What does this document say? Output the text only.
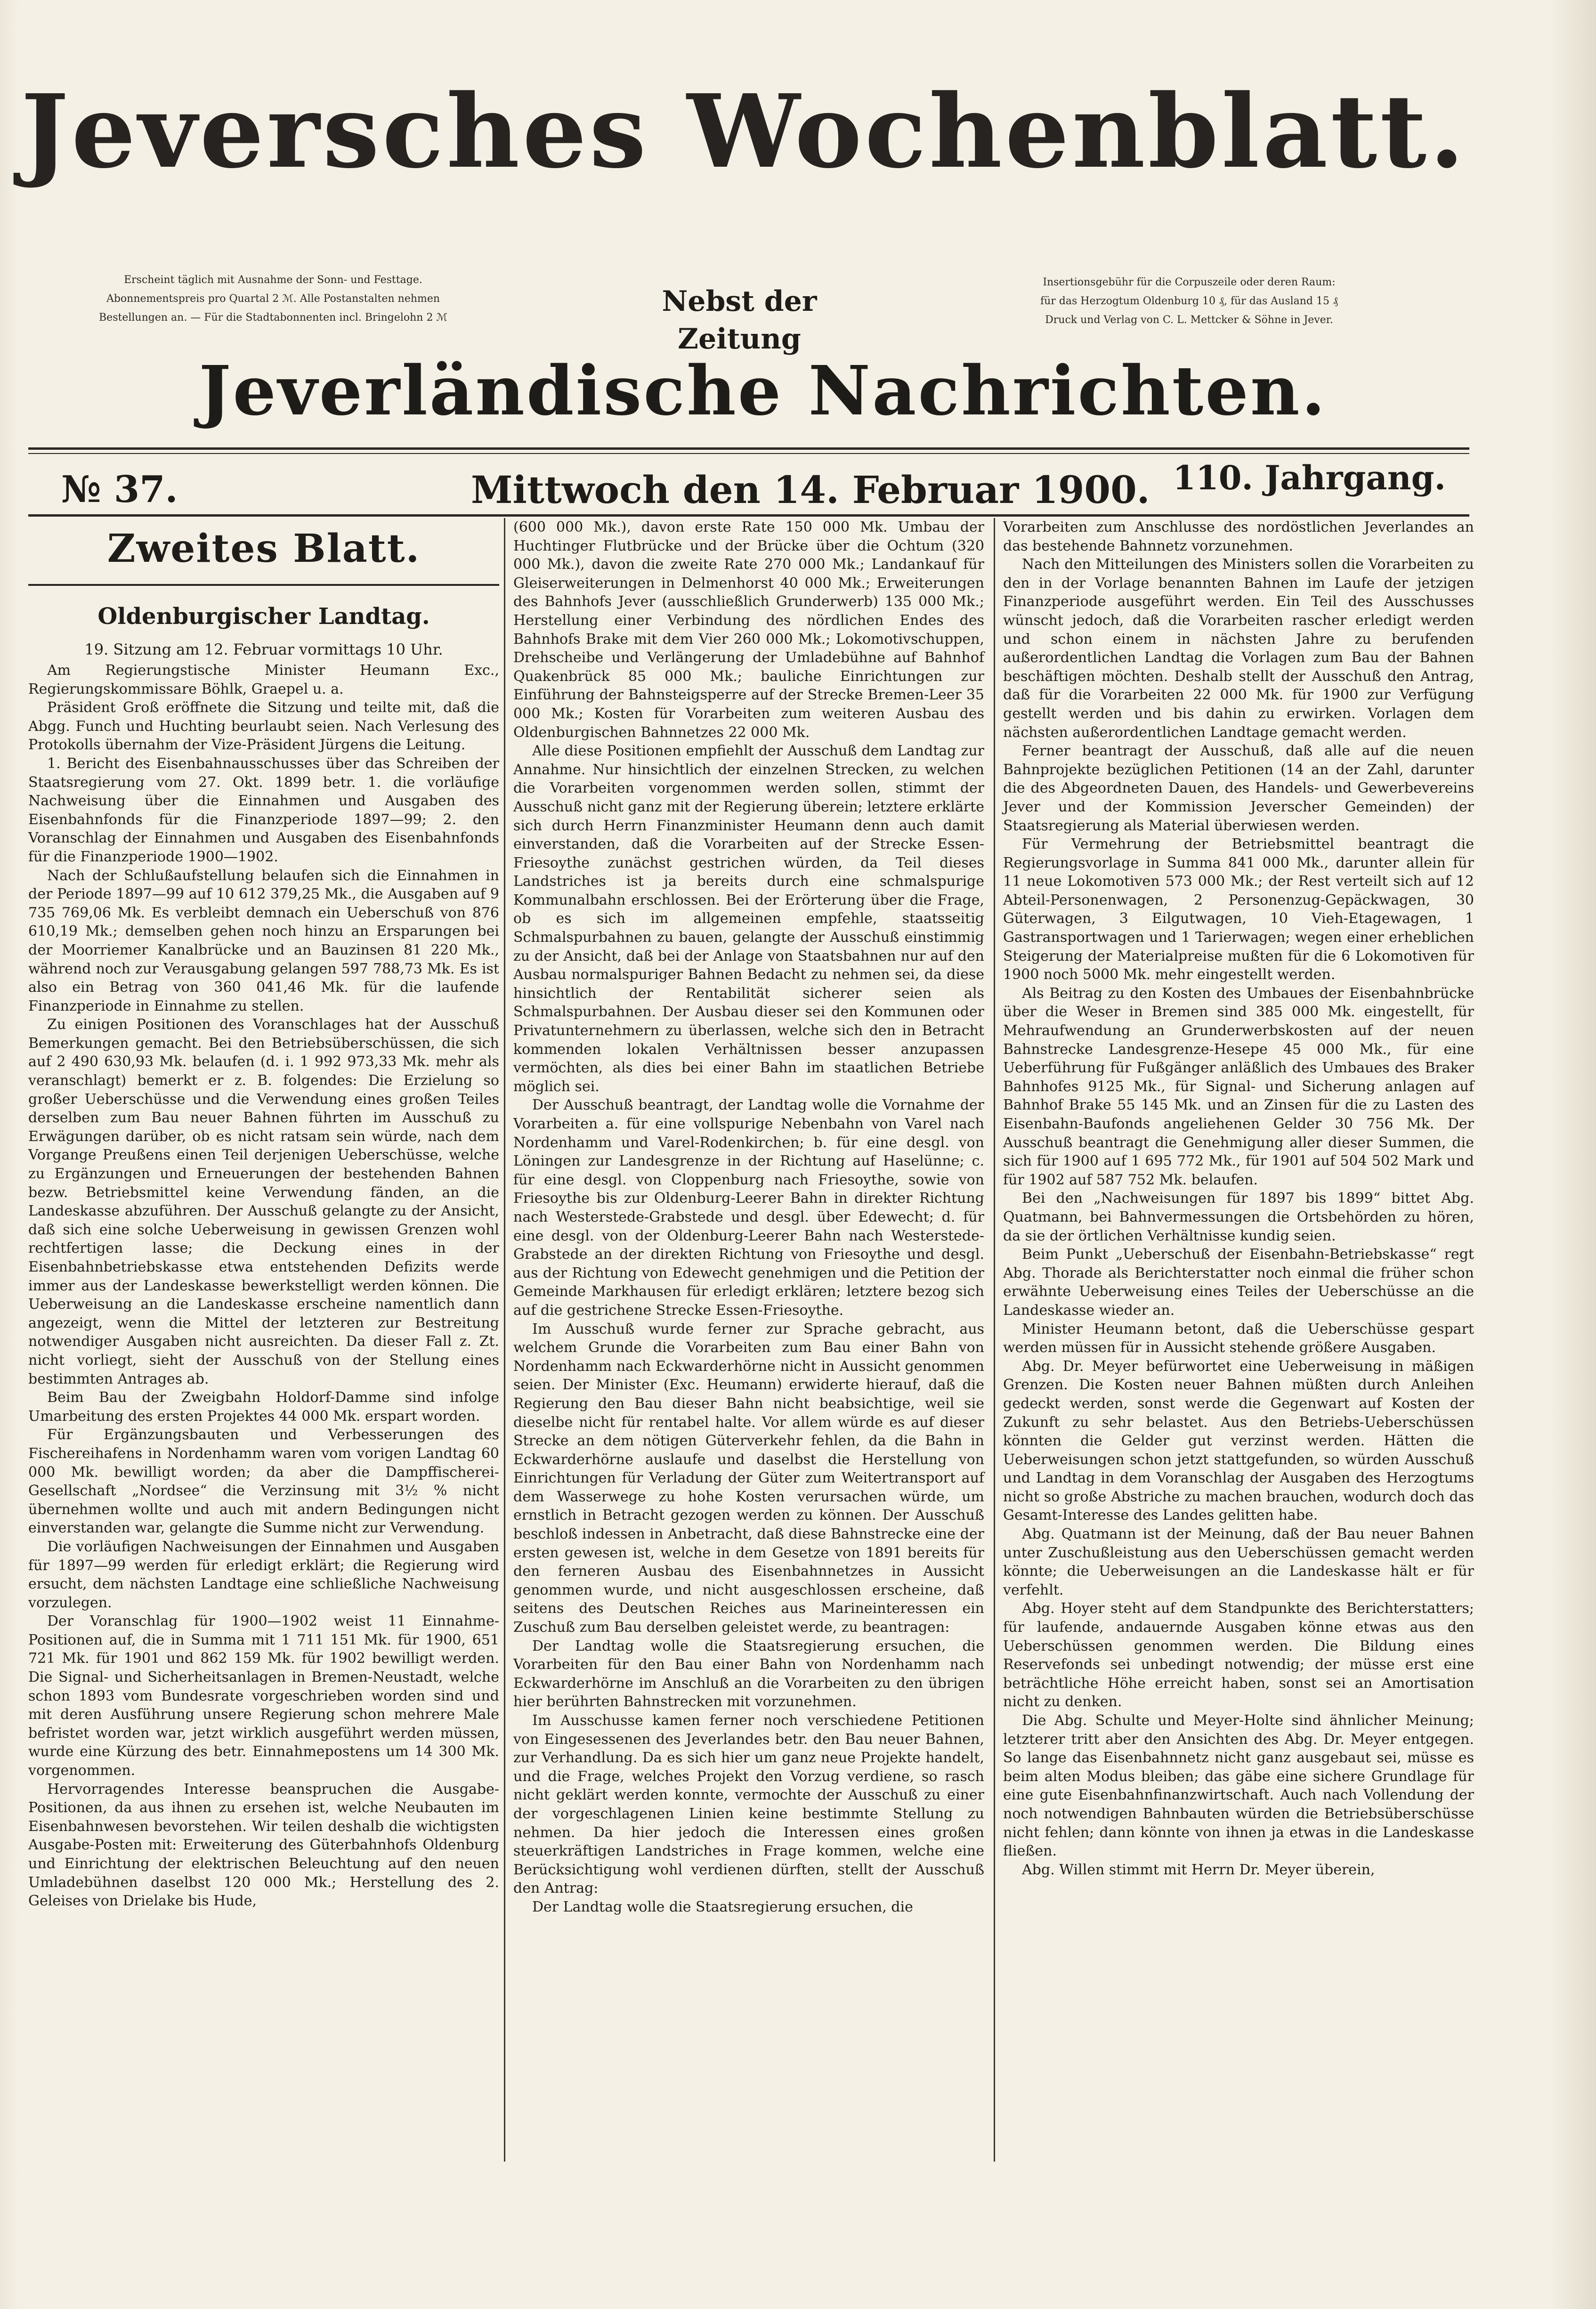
Jeversches Wochenblatt.
Erscheint täglich mit Ausnahme der Sonn- und Festtage.
Abonnementspreis pro Quartal 2 ℳ. Alle Postanstalten nehmen
Bestellungen an. — Für die Stadtabonnenten incl. Bringelohn 2 ℳ	Nebst der Zeitung
Insertionsgebühr für die Corpuszeile oder deren Raum:
für das Herzogtum Oldenburg 10 ₰, für das Ausland 15 ₰
Druck und Verlag von C. L. Mettcker & Söhne in Jever.
Jeverländische Nachrichten.
№ 37.	Mittwoch den 14. Februar 1900. 110. Jahrgang.
Zweites Blatt.
Oldenburgischer Landtag.

19. Sitzung am 12. Februar vormittags 10 Uhr.

Am Regierungstische Minister Heumann Exc., Regierungskommissare Böhlk, Graepel u. a.

Präsident Groß eröffnete die Sitzung und teilte mit, daß die Abgg. Funch und Huchting beurlaubt seien. Nach Verlesung des Protokolls übernahm der Vize-Präsident Jürgens die Leitung.

1. Bericht des Eisenbahnausschusses über das Schreiben der Staatsregierung vom 27. Okt. 1899 betr. 1. die vorläufige Nachweisung über die Einnahmen und Ausgaben des Eisenbahnfonds für die Finanzperiode 1897—99; 2. den Voranschlag der Einnahmen und Ausgaben des Eisenbahnfonds für die Finanzperiode 1900—1902.

Nach der Schlußaufstellung belaufen sich die Einnahmen in der Periode 1897—99 auf 10 612 379,25 Mk., die Ausgaben auf 9 735 769,06 Mk. Es verbleibt demnach ein Ueberschuß von 876 610,19 Mk.; demselben gehen noch hinzu an Ersparungen bei der Moorriemer Kanalbrücke und an Bauzinsen 81 220 Mk., während noch zur Verausgabung gelangen 597 788,73 Mk. Es ist also ein Betrag von 360 041,46 Mk. für die laufende Finanzperiode in Einnahme zu stellen.

Zu einigen Positionen des Voranschlages hat der Ausschuß Bemerkungen gemacht. Bei den Betriebsüberschüssen, die sich auf 2 490 630,93 Mk. belaufen (d. i. 1 992 973,33 Mk. mehr als veranschlagt) bemerkt er z. B. folgendes: Die Erzielung so großer Ueberschüsse und die Verwendung eines großen Teiles derselben zum Bau neuer Bahnen führten im Ausschuß zu Erwägungen darüber, ob es nicht ratsam sein würde, nach dem Vorgange Preußens einen Teil derjenigen Ueberschüsse, welche zu Ergänzungen und Erneuerungen der bestehenden Bahnen bezw. Betriebsmittel keine Verwendung fänden, an die Landeskasse abzuführen. Der Ausschuß gelangte zu der Ansicht, daß sich eine solche Ueberweisung in gewissen Grenzen wohl rechtfertigen lasse; die Deckung eines in der Eisenbahnbetriebskasse etwa entstehenden Defizits werde immer aus der Landeskasse bewerkstelligt werden können. Die Ueberweisung an die Landeskasse erscheine namentlich dann angezeigt, wenn die Mittel der letzteren zur Bestreitung notwendiger Ausgaben nicht ausreichten. Da dieser Fall z. Zt. nicht vorliegt, sieht der Ausschuß von der Stellung eines bestimmten Antrages ab.

Beim Bau der Zweigbahn Holdorf-Damme sind infolge Umarbeitung des ersten Projektes 44 000 Mk. erspart worden.

Für Ergänzungsbauten und Verbesserungen des Fischereihafens in Nordenhamm waren vom vorigen Landtag 60 000 Mk. bewilligt worden; da aber die Dampffischerei-Gesellschaft „Nordsee“ die Verzinsung mit 3½ % nicht übernehmen wollte und auch mit andern Bedingungen nicht einverstanden war, gelangte die Summe nicht zur Verwendung.

Die vorläufigen Nachweisungen der Einnahmen und Ausgaben für 1897—99 werden für erledigt erklärt; die Regierung wird ersucht, dem nächsten Landtage eine schließliche Nachweisung vorzulegen.

Der Voranschlag für 1900—1902 weist 11 Einnahme-Positionen auf, die in Summa mit 1 711 151 Mk. für 1900, 651 721 Mk. für 1901 und 862 159 Mk. für 1902 bewilligt werden. Die Signal- und Sicherheitsanlagen in Bremen-Neustadt, welche schon 1893 vom Bundesrate vorgeschrieben worden sind und mit deren Ausführung unsere Regierung schon mehrere Male befristet worden war, jetzt wirklich ausgeführt werden müssen, wurde eine Kürzung des betr. Einnahmepostens um 14 300 Mk. vorgenommen.

Hervorragendes Interesse beanspruchen die Ausgabe-Positionen, da aus ihnen zu ersehen ist, welche Neubauten im Eisenbahnwesen bevorstehen. Wir teilen deshalb die wichtigsten Ausgabe-Posten mit: Erweiterung des Güterbahnhofs Oldenburg und Einrichtung der elektrischen Beleuchtung auf den neuen Umladebühnen daselbst 120 000 Mk.; Herstellung des 2. Geleises von Drielake bis Hude,

(600 000 Mk.), davon erste Rate 150 000 Mk. Umbau der Huchtinger Flutbrücke und der Brücke über die Ochtum (320 000 Mk.), davon die zweite Rate 270 000 Mk.; Landankauf für Gleiserweiterungen in Delmenhorst 40 000 Mk.; Erweiterungen des Bahnhofs Jever (ausschließlich Grunderwerb) 135 000 Mk.; Herstellung einer Verbindung des nördlichen Endes des Bahnhofs Brake mit dem Vier 260 000 Mk.; Lokomotivschuppen, Drehscheibe und Verlängerung der Umladebühne auf Bahnhof Quakenbrück 85 000 Mk.; bauliche Einrichtungen zur Einführung der Bahnsteigsperre auf der Strecke Bremen-Leer 35 000 Mk.; Kosten für Vorarbeiten zum weiteren Ausbau des Oldenburgischen Bahnnetzes 22 000 Mk.

Alle diese Positionen empfiehlt der Ausschuß dem Landtag zur Annahme. Nur hinsichtlich der einzelnen Strecken, zu welchen die Vorarbeiten vorgenommen werden sollen, stimmt der Ausschuß nicht ganz mit der Regierung überein; letztere erklärte sich durch Herrn Finanzminister Heumann denn auch damit einverstanden, daß die Vorarbeiten auf der Strecke Essen-Friesoythe zunächst gestrichen würden, da Teil dieses Landstriches ist ja bereits durch eine schmalspurige Kommunalbahn erschlossen. Bei der Erörterung über die Frage, ob es sich im allgemeinen empfehle, staatsseitig Schmalspurbahnen zu bauen, gelangte der Ausschuß einstimmig zu der Ansicht, daß bei der Anlage von Staatsbahnen nur auf den Ausbau normalspuriger Bahnen Bedacht zu nehmen sei, da diese hinsichtlich der Rentabilität sicherer seien als Schmalspurbahnen. Der Ausbau dieser sei den Kommunen oder Privatunternehmern zu überlassen, welche sich den in Betracht kommenden lokalen Verhältnissen besser anzupassen vermöchten, als dies bei einer Bahn im staatlichen Betriebe möglich sei.

Der Ausschuß beantragt, der Landtag wolle die Vornahme der Vorarbeiten a. für eine vollspurige Nebenbahn von Varel nach Nordenhamm und Varel-Rodenkirchen; b. für eine desgl. von Löningen zur Landesgrenze in der Richtung auf Haselünne; c. für eine desgl. von Cloppenburg nach Friesoythe, sowie von Friesoythe bis zur Oldenburg-Leerer Bahn in direkter Richtung nach Westerstede-Grabstede und desgl. über Edewecht; d. für eine desgl. von der Oldenburg-Leerer Bahn nach Westerstede-Grabstede an der direkten Richtung von Friesoythe und desgl. aus der Richtung von Edewecht genehmigen und die Petition der Gemeinde Markhausen für erledigt erklären; letztere bezog sich auf die gestrichene Strecke Essen-Friesoythe.

Im Ausschuß wurde ferner zur Sprache gebracht, aus welchem Grunde die Vorarbeiten zum Bau einer Bahn von Nordenhamm nach Eckwarderhörne nicht in Aussicht genommen seien. Der Minister (Exc. Heumann) erwiderte hierauf, daß die Regierung den Bau dieser Bahn nicht beabsichtige, weil sie dieselbe nicht für rentabel halte. Vor allem würde es auf dieser Strecke an dem nötigen Güterverkehr fehlen, da die Bahn in Eckwarderhörne auslaufe und daselbst die Herstellung von Einrichtungen für Verladung der Güter zum Weitertransport auf dem Wasserwege zu hohe Kosten verursachen würde, um ernstlich in Betracht gezogen werden zu können. Der Ausschuß beschloß indessen in Anbetracht, daß diese Bahnstrecke eine der ersten gewesen ist, welche in dem Gesetze von 1891 bereits für den ferneren Ausbau des Eisenbahnnetzes in Aussicht genommen wurde, und nicht ausgeschlossen erscheine, daß seitens des Deutschen Reiches aus Marineinteressen ein Zuschuß zum Bau derselben geleistet werde, zu beantragen:

Der Landtag wolle die Staatsregierung ersuchen, die Vorarbeiten für den Bau einer Bahn von Nordenhamm nach Eckwarderhörne im Anschluß an die Vorarbeiten zu den übrigen hier berührten Bahnstrecken mit vorzunehmen.

Im Ausschusse kamen ferner noch verschiedene Petitionen von Eingesessenen des Jeverlandes betr. den Bau neuer Bahnen, zur Verhandlung. Da es sich hier um ganz neue Projekte handelt, und die Frage, welches Projekt den Vorzug verdiene, so rasch nicht geklärt werden konnte, vermochte der Ausschuß zu einer der vorgeschlagenen Linien keine bestimmte Stellung zu nehmen. Da hier jedoch die Interessen eines großen steuerkräftigen Landstriches in Frage kommen, welche eine Berücksichtigung wohl verdienen dürften, stellt der Ausschuß den Antrag:

Der Landtag wolle die Staatsregierung ersuchen, die

Vorarbeiten zum Anschlusse des nordöstlichen Jeverlandes an das bestehende Bahnnetz vorzunehmen.

Nach den Mitteilungen des Ministers sollen die Vorarbeiten zu den in der Vorlage benannten Bahnen im Laufe der jetzigen Finanzperiode ausgeführt werden. Ein Teil des Ausschusses wünscht jedoch, daß die Vorarbeiten rascher erledigt werden und schon einem in nächsten Jahre zu berufenden außerordentlichen Landtag die Vorlagen zum Bau der Bahnen beschäftigen möchten. Deshalb stellt der Ausschuß den Antrag, daß für die Vorarbeiten 22 000 Mk. für 1900 zur Verfügung gestellt werden und bis dahin zu erwirken. Vorlagen dem nächsten außerordentlichen Landtage gemacht werden.

Ferner beantragt der Ausschuß, daß alle auf die neuen Bahnprojekte bezüglichen Petitionen (14 an der Zahl, darunter die des Abgeordneten Dauen, des Handels- und Gewerbevereins Jever und der Kommission Jeverscher Gemeinden) der Staatsregierung als Material überwiesen werden.

Für Vermehrung der Betriebsmittel beantragt die Regierungsvorlage in Summa 841 000 Mk., darunter allein für 11 neue Lokomotiven 573 000 Mk.; der Rest verteilt sich auf 12 Abteil-Personenwagen, 2 Personenzug-Gepäckwagen, 30 Güterwagen, 3 Eilgutwagen, 10 Vieh-Etagewagen, 1 Gastransportwagen und 1 Tarierwagen; wegen einer erheblichen Steigerung der Materialpreise mußten für die 6 Lokomotiven für 1900 noch 5000 Mk. mehr eingestellt werden.

Als Beitrag zu den Kosten des Umbaues der Eisenbahnbrücke über die Weser in Bremen sind 385 000 Mk. eingestellt, für Mehraufwendung an Grunderwerbskosten auf der neuen Bahnstrecke Landesgrenze-Hesepe 45 000 Mk., für eine Ueberführung für Fußgänger anläßlich des Umbaues des Braker Bahnhofes 9125 Mk., für Signal- und Sicherung anlagen auf Bahnhof Brake 55 145 Mk. und an Zinsen für die zu Lasten des Eisenbahn-Baufonds angeliehenen Gelder 30 756 Mk. Der Ausschuß beantragt die Genehmigung aller dieser Summen, die sich für 1900 auf 1 695 772 Mk., für 1901 auf 504 502 Mark und für 1902 auf 587 752 Mk. belaufen.

Bei den „Nachweisungen für 1897 bis 1899“ bittet Abg. Quatmann, bei Bahnvermessungen die Ortsbehörden zu hören, da sie der örtlichen Verhältnisse kundig seien.

Beim Punkt „Ueberschuß der Eisenbahn-Betriebskasse“ regt Abg. Thorade als Berichterstatter noch einmal die früher schon erwähnte Ueberweisung eines Teiles der Ueberschüsse an die Landeskasse wieder an.

Minister Heumann betont, daß die Ueberschüsse gespart werden müssen für in Aussicht stehende größere Ausgaben.

Abg. Dr. Meyer befürwortet eine Ueberweisung in mäßigen Grenzen. Die Kosten neuer Bahnen müßten durch Anleihen gedeckt werden, sonst werde die Gegenwart auf Kosten der Zukunft zu sehr belastet. Aus den Betriebs-Ueberschüssen könnten die Gelder gut verzinst werden. Hätten die Ueberweisungen schon jetzt stattgefunden, so würden Ausschuß und Landtag in dem Voranschlag der Ausgaben des Herzogtums nicht so große Abstriche zu machen brauchen, wodurch doch das Gesamt-Interesse des Landes gelitten habe.

Abg. Quatmann ist der Meinung, daß der Bau neuer Bahnen unter Zuschußleistung aus den Ueberschüssen gemacht werden könnte; die Ueberweisungen an die Landeskasse hält er für verfehlt.

Abg. Hoyer steht auf dem Standpunkte des Berichterstatters; für laufende, andauernde Ausgaben könne etwas aus den Ueberschüssen genommen werden. Die Bildung eines Reservefonds sei unbedingt notwendig; der müsse erst eine beträchtliche Höhe erreicht haben, sonst sei an Amortisation nicht zu denken.

Die Abg. Schulte und Meyer-Holte sind ähnlicher Meinung; letzterer tritt aber den Ansichten des Abg. Dr. Meyer entgegen. So lange das Eisenbahnnetz nicht ganz ausgebaut sei, müsse es beim alten Modus bleiben; das gäbe eine sichere Grundlage für eine gute Eisenbahnfinanzwirtschaft. Auch nach Vollendung der noch notwendigen Bahnbauten würden die Betriebsüberschüsse nicht fehlen; dann könnte von ihnen ja etwas in die Landeskasse fließen.

Abg. Willen stimmt mit Herrn Dr. Meyer überein,
